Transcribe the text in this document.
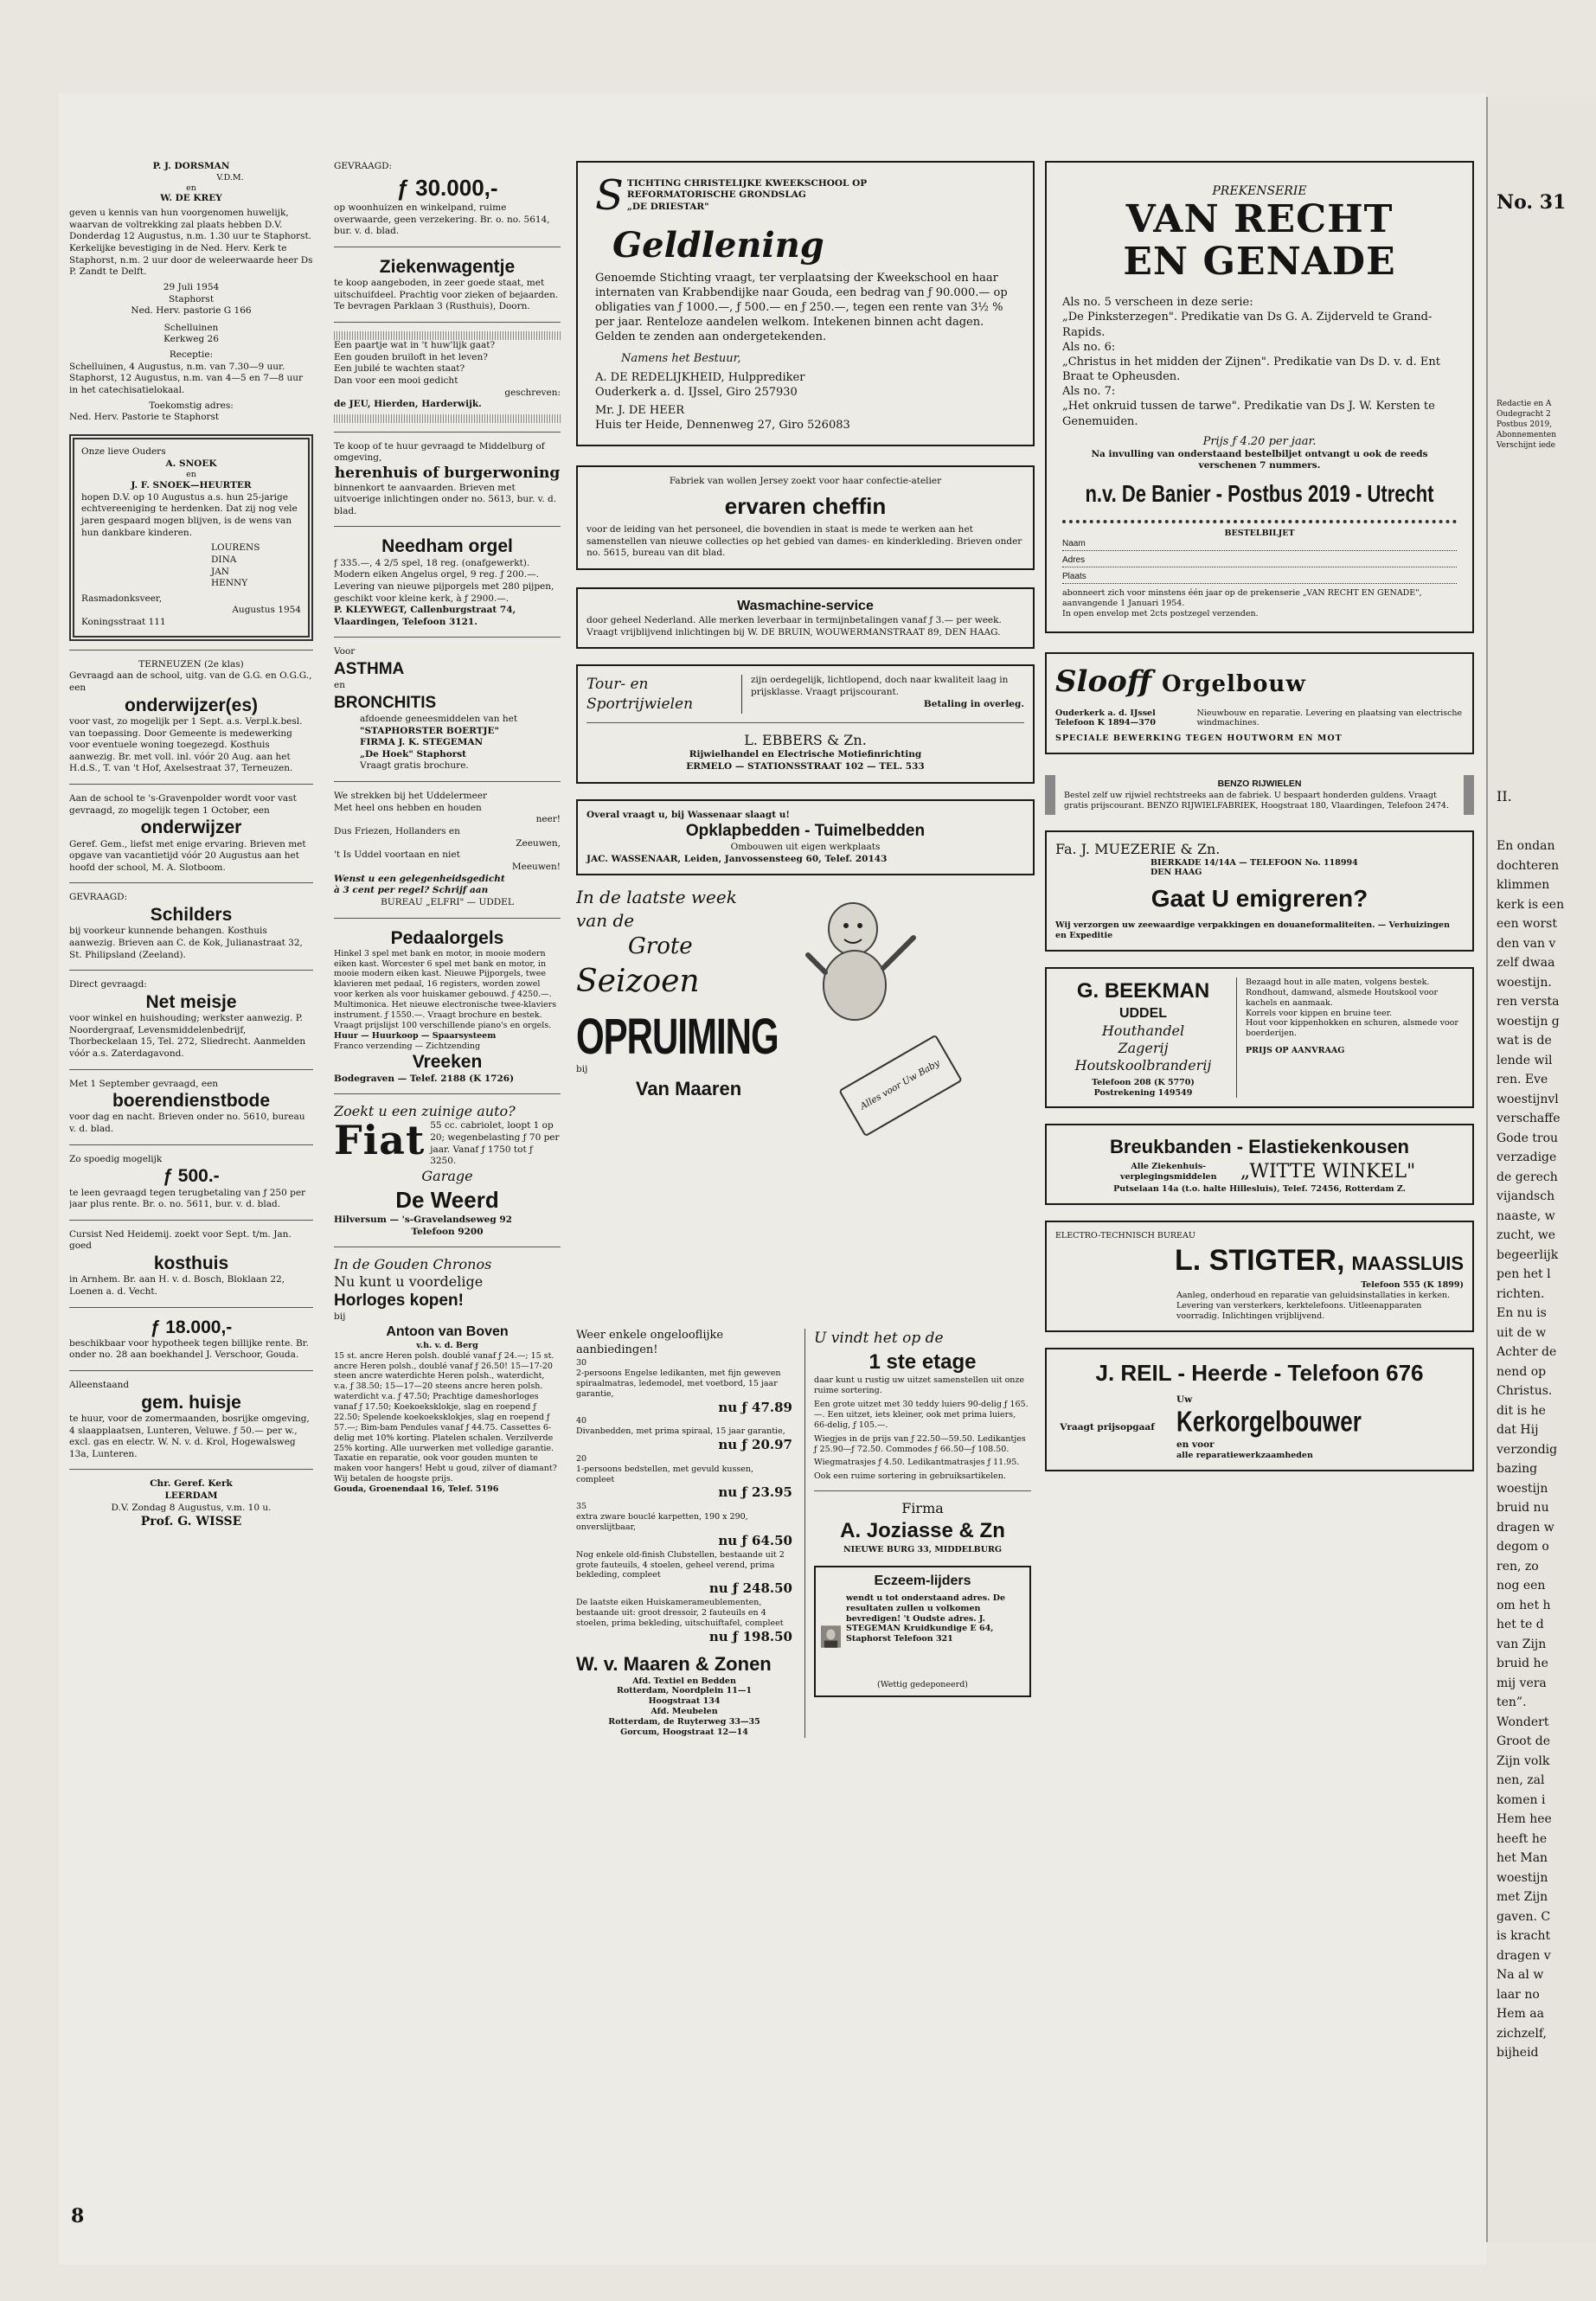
P. J. DORSMAN

V.D.M.

en

W. DE KREY

geven u kennis van hun voorgenomen huwelijk, waarvan de voltrekking zal plaats hebben D.V. Donderdag 12 Augustus, n.m. 1.30 uur te Staphorst.

Kerkelijke bevestiging in de Ned. Herv. Kerk te Staphorst, n.m. 2 uur door de weleerwaarde heer Ds P. Zandt te Delft.

29 Juli 1954

Staphorst

Ned. Herv. pastorie G 166

Schelluinen

Kerkweg 26

Receptie:

Schelluinen, 4 Augustus, n.m. van 7.30—9 uur.

Staphorst, 12 Augustus, n.m. van 4—5 en 7—8 uur in het catechisatielokaal.

Toekomstig adres:

Ned. Herv. Pastorie te Staphorst

Onze lieve Ouders

A. SNOEK

en

J. F. SNOEK—HEURTER

hopen D.V. op 10 Augustus a.s. hun 25-jarige echtvereeniging te herdenken. Dat zij nog vele jaren gespaard mogen blijven, is de wens van hun dankbare kinderen.

LOURENS

DINA

JAN

HENNY

Rasmadonksveer,

Augustus 1954

Koningsstraat 111

TERNEUZEN (2e klas)

Gevraagd aan de school, uitg. van de G.G. en O.G.G., een

onderwijzer(es)

voor vast, zo mogelijk per 1 Sept. a.s. Verpl.k.besl. van toepassing. Door Gemeente is medewerking voor eventuele woning toegezegd. Kosthuis aanwezig. Br. met voll. inl. vóór 20 Aug. aan het H.d.S., T. van 't Hof, Axelsestraat 37, Terneuzen.

Aan de school te 's-Gravenpolder wordt voor vast gevraagd, zo mogelijk tegen 1 October, een

onderwijzer

Geref. Gem., liefst met enige ervaring. Brieven met opgave van vacantietijd vóór 20 Augustus aan het hoofd der school, M. A. Slotboom.

GEVRAAGD:

Schilders

bij voorkeur kunnende behangen. Kosthuis aanwezig. Brieven aan C. de Kok, Julianastraat 32, St. Philipsland (Zeeland).

Direct gevraagd:

Net meisje

voor winkel en huishouding; werkster aanwezig. P. Noordergraaf, Levensmiddelenbedrijf, Thorbeckelaan 15, Tel. 272, Sliedrecht. Aanmelden vóór a.s. Zaterdagavond.

Met 1 September gevraagd, een

boerendienstbode

voor dag en nacht. Brieven onder no. 5610, bureau v. d. blad.

Zo spoedig mogelijk

ƒ 500.-

te leen gevraagd tegen terugbetaling van ƒ 250 per jaar plus rente. Br. o. no. 5611, bur. v. d. blad.

Cursist Ned Heidemij. zoekt voor Sept. t/m. Jan. goed

kosthuis

in Arnhem. Br. aan H. v. d. Bosch, Bloklaan 22, Loenen a. d. Vecht.

ƒ 18.000,-

beschikbaar voor hypotheek tegen billijke rente. Br. onder no. 28 aan boekhandel J. Verschoor, Gouda.

Alleenstaand

gem. huisje

te huur, voor de zomermaanden, bosrijke omgeving, 4 slaapplaatsen, Lunteren, Veluwe. ƒ 50.— per w., excl. gas en electr. W. N. v. d. Krol, Hogewalsweg 13a, Lunteren.

Chr. Geref. Kerk

LEERDAM

D.V. Zondag 8 Augustus, v.m. 10 u.

Prof. G. WISSE

8

GEVRAAGD:

ƒ 30.000,-

op woonhuizen en winkelpand, ruime overwaarde, geen verzekering. Br. o. no. 5614, bur. v. d. blad.

Ziekenwagentje

te koop aangeboden, in zeer goede staat, met uitschuifdeel. Prachtig voor zieken of bejaarden. Te bevragen Parklaan 3 (Rusthuis), Doorn.

Een paartje wat in 't huw'lijk gaat?

Een gouden bruiloft in het leven?

Een jubilé te wachten staat?

Dan voor een mooi gedicht

geschreven:

de JEU, Hierden, Harderwijk.

Te koop of te huur gevraagd te Middelburg of omgeving,

herenhuis of burgerwoning

binnenkort te aanvaarden. Brieven met uitvoerige inlichtingen onder no. 5613, bur. v. d. blad.

Needham orgel

ƒ 335.—, 4 2/5 spel, 18 reg. (onafgewerkt). Modern eiken Angelus orgel, 9 reg. ƒ 200.—. Levering van nieuwe pijporgels met 280 pijpen, geschikt voor kleine kerk, à ƒ 2900.—.

P. KLEYWEGT, Callenburgstraat 74, Vlaardingen, Telefoon 3121.

Voor

ASTHMA

en

BRONCHITIS

afdoende geneesmiddelen van het

"STAPHORSTER BOERTJE"

FIRMA J. K. STEGEMAN

„De Hoek" Staphorst

Vraagt gratis brochure.

We strekken bij het Uddelermeer

Met heel ons hebben en houden

neer!

Dus Friezen, Hollanders en

Zeeuwen,

't Is Uddel voortaan en niet

Meeuwen!

Wenst u een gelegenheidsgedicht

à 3 cent per regel? Schrijf aan

BUREAU „ELFRI" — UDDEL

Pedaalorgels

Hinkel 3 spel met bank en motor, in mooie modern eiken kast. Worcester 6 spel met bank en motor, in mooie modern eiken kast. Nieuwe Pijporgels, twee klavieren met pedaal, 16 registers, worden zowel voor kerken als voor huiskamer gebouwd. ƒ 4250.—. Multimonica. Het nieuwe electronische twee-klaviers instrument. ƒ 1550.—. Vraagt brochure en bestek. Vraagt prijslijst 100 verschillende piano's en orgels.

Huur — Huurkoop — Spaarsysteem

Franco verzending — Zichtzending

Vreeken

Bodegraven — Telef. 2188 (K 1726)

Zoekt u een zuinige auto?

Fiat 55 cc. cabriolet, loopt 1 op 20; wegenbelasting ƒ 70 per jaar. Vanaf ƒ 1750 tot ƒ 3250.

Garage

De Weerd

Hilversum — 's-Gravelandseweg 92

Telefoon 9200

In de Gouden Chronos

Nu kunt u voordelige

Horloges kopen!

bij

Antoon van Boven

v.h. v. d. Berg

15 st. ancre Heren polsh. doublé vanaf ƒ 24.—; 15 st. ancre Heren polsh., doublé vanaf ƒ 26.50! 15—17-20 steen ancre waterdichte Heren polsh., waterdicht, v.a. ƒ 38.50; 15—17—20 steens ancre heren polsh. waterdicht v.a. ƒ 47.50; Prachtige dameshorloges vanaf ƒ 17.50; Koekoeksklokje, slag en roepend ƒ 22.50; Spelende koekoeksklokjes, slag en roepend ƒ 57.—; Bim-bam Pendules vanaf ƒ 44.75. Cassettes 6-delig met 10% korting. Platelen schalen. Verzilverde 25% korting. Alle uurwerken met volledige garantie. Taxatie en reparatie, ook voor gouden munten te maken voor hangers! Hebt u goud, zilver of diamant? Wij betalen de hoogste prijs.

Gouda, Groenendaal 16, Telef. 5196

S TICHTING CHRISTELIJKE KWEEKSCHOOL OP

REFORMATORISCHE GRONDSLAG

„DE DRIESTAR"

Geldlening

Genoemde Stichting vraagt, ter verplaatsing der Kweekschool en haar internaten van Krabbendijke naar Gouda, een bedrag van ƒ 90.000.— op obligaties van ƒ 1000.—, ƒ 500.— en ƒ 250.—, tegen een rente van 3½ % per jaar. Renteloze aandelen welkom. Intekenen binnen acht dagen. Gelden te zenden aan ondergetekenden.

Namens het Bestuur,

A. DE REDELIJKHEID, Hulpprediker

Ouderkerk a. d. IJssel, Giro 257930

Mr. J. DE HEER

Huis ter Heide, Dennenweg 27, Giro 526083

Fabriek van wollen Jersey zoekt voor haar confectie-atelier

ervaren cheffin

voor de leiding van het personeel, die bovendien in staat is mede te werken aan het samenstellen van nieuwe collecties op het gebied van dames- en kinderkleding. Brieven onder no. 5615, bureau van dit blad.

Wasmachine-service

door geheel Nederland. Alle merken leverbaar in termijnbetalingen vanaf ƒ 3.— per week. Vraagt vrijblijvend inlichtingen bij W. DE BRUIN, WOUWERMANSTRAAT 89, DEN HAAG.

Tour- en

Sportrijwielen

zijn oerdegelijk, lichtlopend, doch naar kwaliteit laag in prijsklasse. Vraagt prijscourant.

Betaling in overleg.

L. EBBERS & Zn.

Rijwielhandel en Electrische Motiefinrichting

ERMELO — STATIONSSTRAAT 102 — TEL. 533

Overal vraagt u, bij Wassenaar slaagt u!

Opklapbedden - Tuimelbedden

Ombouwen uit eigen werkplaats

JAC. WASSENAAR, Leiden, Janvossensteeg 60, Telef. 20143

In de laatste week

van de

Grote

Seizoen

OPRUIMING

bij

Van Maaren	Alles voor Uw Baby

Weer enkele ongelooflijke aanbiedingen!

30

2-persoons Engelse ledikanten, met fijn geweven spiraalmatras, ledemodel, met voetbord, 15 jaar garantie,

nu ƒ 47.89

40

Divanbedden, met prima spiraal, 15 jaar garantie,

nu ƒ 20.97

20

1-persoons bedstellen, met gevuld kussen, compleet

nu ƒ 23.95

35

extra zware bouclé karpetten, 190 x 290, onverslijtbaar,

nu ƒ 64.50

Nog enkele old-finish Clubstellen, bestaande uit 2 grote fauteuils, 4 stoelen, geheel verend, prima bekleding, compleet

nu ƒ 248.50

De laatste eiken Huiskamerameublementen, bestaande uit: groot dressoir, 2 fauteuils en 4 stoelen, prima bekleding, uitschuiftafel, compleet

nu ƒ 198.50

W. v. Maaren & Zonen

Afd. Textiel en Bedden

Rotterdam, Noordplein 11—1

Hoogstraat 134

Afd. Meubelen

Rotterdam, de Ruyterweg 33—35

Gorcum, Hoogstraat 12—14

U vindt het op de

1 ste etage

daar kunt u rustig uw uitzet samenstellen uit onze ruime sortering.

Een grote uitzet met 30 teddy luiers 90-delig ƒ 165.—. Een uitzet, iets kleiner, ook met prima luiers, 66-delig, ƒ 105.—.

Wiegjes in de prijs van ƒ 22.50—59.50. Ledikantjes ƒ 25.90—ƒ 72.50. Commodes ƒ 66.50—ƒ 108.50.

Wiegmatrasjes ƒ 4.50. Ledikantmatrasjes ƒ 11.95.

Ook een ruime sortering in gebruiksartikelen.

Firma

A. Joziasse & Zn

NIEUWE BURG 33, MIDDELBURG

Eczeem-lijders

wendt u tot onderstaand adres. De resultaten zullen u volkomen bevredigen! 't Oudste adres. J. STEGEMAN Kruidkundige E 64, Staphorst Telefoon 321

(Wettig gedeponeerd)

PREKENSERIE

VAN RECHT

EN GENADE

Als no. 5 verscheen in deze serie:

„De Pinksterzegen". Predikatie van Ds G. A. Zijderveld te Grand-Rapids.

Als no. 6:

„Christus in het midden der Zijnen". Predikatie van Ds D. v. d. Ent Braat te Opheusden.

Als no. 7:

„Het onkruid tussen de tarwe". Predikatie van Ds J. W. Kersten te Genemuiden.

Prijs ƒ 4.20 per jaar.

Na invulling van onderstaand bestelbiljet ontvangt u ook de reeds verschenen 7 nummers.

n.v. De Banier - Postbus 2019 - Utrecht

BESTELBILJET

Naam
Adres
Plaats

abonneert zich voor minstens één jaar op de prekenserie „VAN RECHT EN GENADE", aanvangende 1 Januari 1954.

In open envelop met 2cts postzegel verzenden.

Slooff Orgelbouw

Ouderkerk a. d. IJssel

Telefoon K 1894—370

Nieuwbouw en reparatie. Levering en plaatsing van electrische windmachines.

SPECIALE BEWERKING TEGEN HOUTWORM EN MOT

BENZO RIJWIELEN

Bestel zelf uw rijwiel rechtstreeks aan de fabriek. U bespaart honderden guldens. Vraagt gratis prijscourant. BENZO RIJWIELFABRIEK, Hoogstraat 180, Vlaardingen, Telefoon 2474.

Fa. J. MUEZERIE & Zn.

BIERKADE 14/14A — TELEFOON No. 118994

DEN HAAG

Gaat U emigreren?

Wij verzorgen uw zeewaardige verpakkingen en douaneformaliteiten. — Verhuizingen en Expeditie

G. BEEKMAN

UDDEL

Houthandel

Zagerij

Houtskoolbranderij

Telefoon 208 (K 5770)

Postrekening 149549

Bezaagd hout in alle maten, volgens bestek.

Rondhout, damwand, alsmede Houtskool voor kachels en aanmaak.

Korrels voor kippen en bruine teer.

Hout voor kippenhokken en schuren, alsmede voor boerderijen.

PRIJS OP AANVRAAG

Breukbanden - Elastiekenkousen

Alle Ziekenhuis-verplegingsmiddelen	„WITTE WINKEL"

Putselaan 14a (t.o. halte Hillesluis), Telef. 72456, Rotterdam Z.

ELECTRO-TECHNISCH BUREAU

L. STIGTER, MAASSLUIS

Telefoon 555 (K 1899)

Aanleg, onderhoud en reparatie van geluidsinstallaties in kerken. Levering van versterkers, kerktelefoons. Uitleenapparaten voorradig. Inlichtingen vrijblijvend.

J. REIL - Heerde - Telefoon 676

Vraagt prijsopgaaf

Uw

Kerkorgelbouwer

en voor

alle reparatiewerkzaamheden

No. 31

Redactie en A

Oudegracht 2

Postbus 2019,

Abonnementen

Verschijnt iede

II.

En ondan

dochteren

klimmen

kerk is een

een worst

den van v

zelf dwaa

woestijn.

ren versta

woestijn g

wat is de

lende wil

ren. Eve

woestijnvl

verschaffe

Gode trou

verzadige

de gerech

vijandsch

naaste, w

zucht, we

begeerlijk

pen het l

richten.

En nu is

uit de w

Achter de

nend op

Christus.

dit is he

dat Hij

verzondig

bazing

woestijn

bruid nu

dragen w

degom o

ren, zo

nog een

om het h

het te d

van Zijn

bruid he

mij vera

ten”.

Wondert

Groot de

Zijn volk

nen, zal

komen i

Hem hee

heeft he

het Man

woestijn

met Zijn

gaven. C

is kracht

dragen v

Na al w

laar no

Hem aa

zichzelf,

bijheid
